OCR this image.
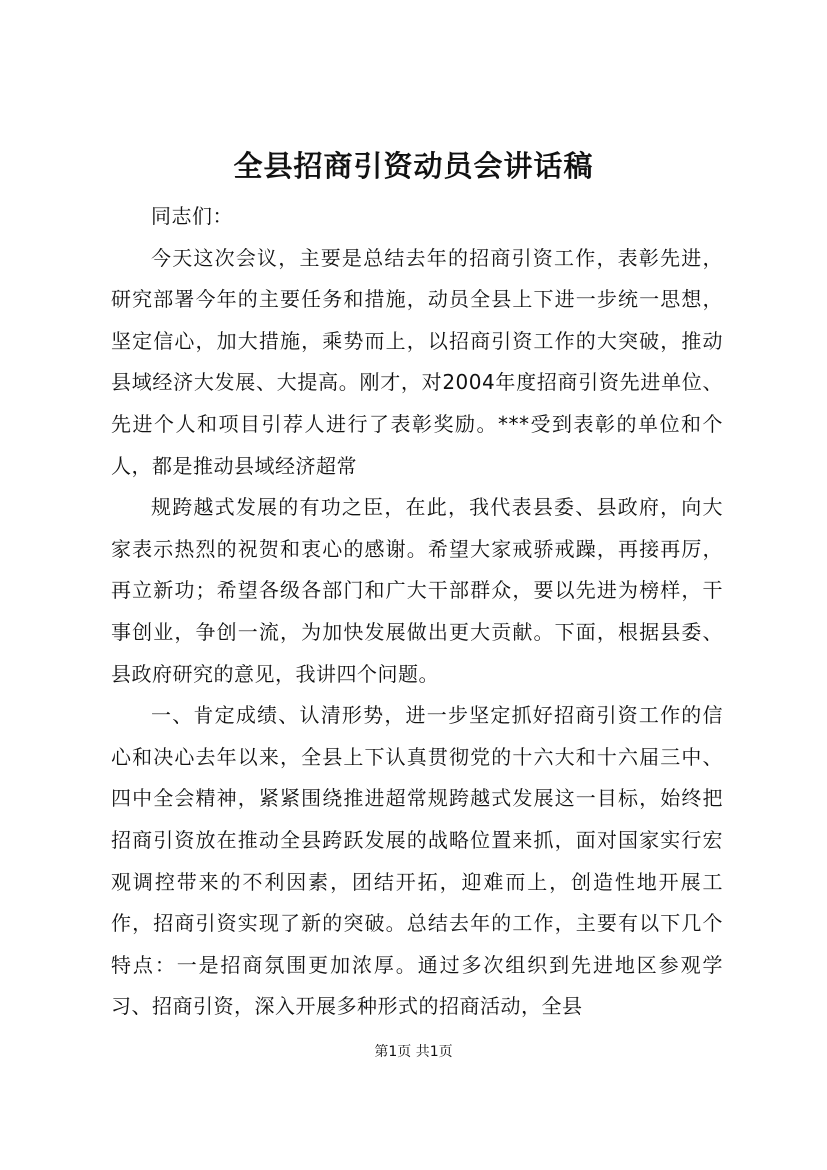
全县招商引资动员会讲话稿

同志们：

今天这次会议，主要是总结去年的招商引资工作，表彰先进，研究部署今年的主要任务和措施，动员全县上下进一步统一思想，坚定信心，加大措施，乘势而上，以招商引资工作的大突破，推动县域经济大发展、大提高。刚才，对2004年度招商引资先进单位、先进个人和项目引荐人进行了表彰奖励。***受到表彰的单位和个人，都是推动县域经济超常

规跨越式发展的有功之臣，在此，我代表县委、县政府，向大家表示热烈的祝贺和衷心的感谢。希望大家戒骄戒躁，再接再厉，再立新功；希望各级各部门和广大干部群众，要以先进为榜样，干事创业，争创一流，为加快发展做出更大贡献。下面，根据县委、县政府研究的意见，我讲四个问题。

一、肯定成绩、认清形势，进一步坚定抓好招商引资工作的信心和决心去年以来，全县上下认真贯彻党的十六大和十六届三中、四中全会精神，紧紧围绕推进超常规跨越式发展这一目标，始终把招商引资放在推动全县跨跃发展的战略位置来抓，面对国家实行宏观调控带来的不利因素，团结开拓，迎难而上，创造性地开展工作，招商引资实现了新的突破。总结去年的工作，主要有以下几个特点：一是招商氛围更加浓厚。通过多次组织到先进地区参观学习、招商引资，深入开展多种形式的招商活动，全县

第1页 共1页
